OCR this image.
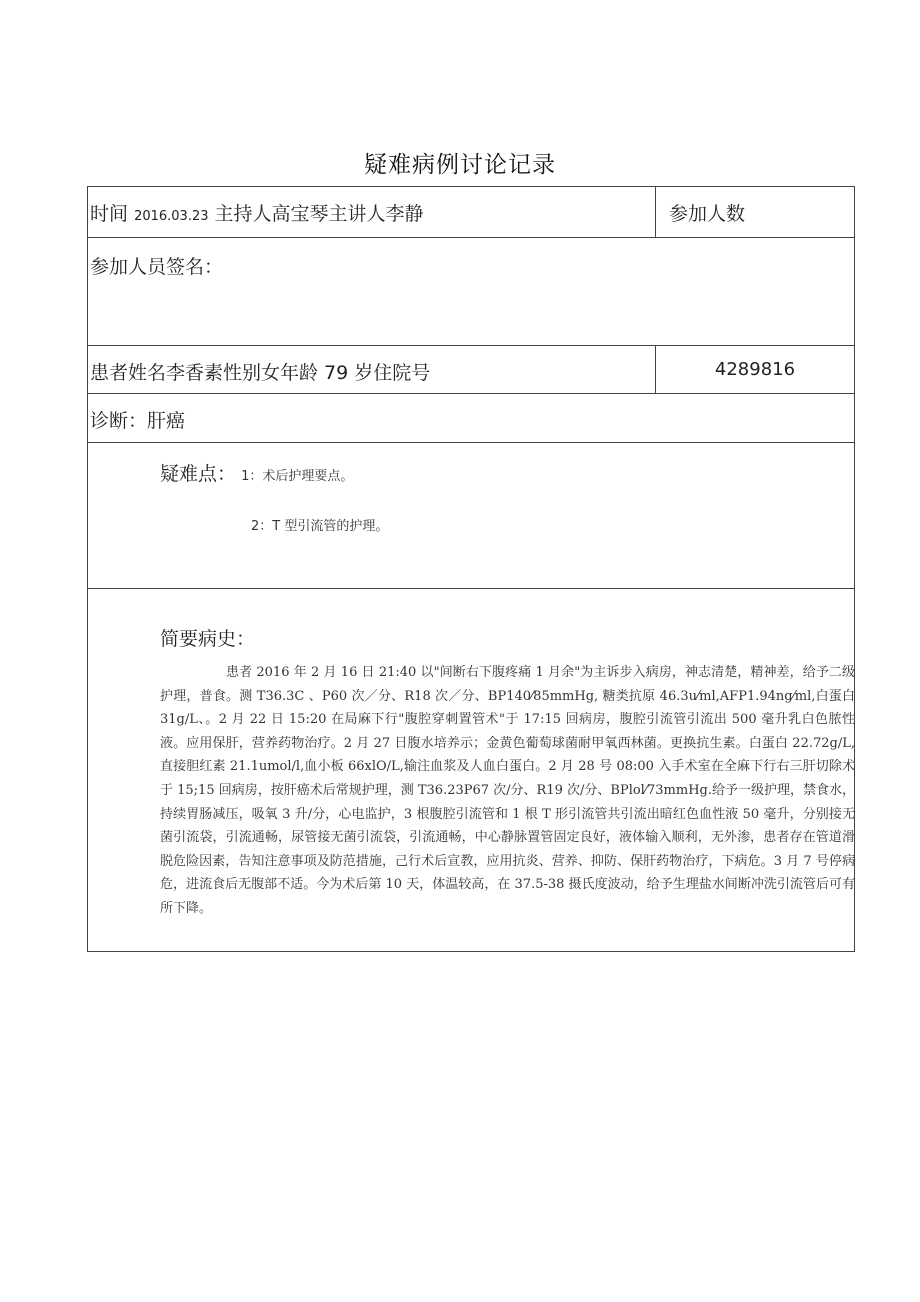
疑难病例讨论记录
时间 2016.03.23 主持人高宝琴主讲人李静	参加人数

参加人员签名：	

患者姓名李香素性别女年龄 79 岁住院号	4289816

诊断：肝癌	

疑难点： 1：术后护理要点。
2：T 型引流管的护理。	

简要病史：
患者 2016 年 2 月 16 日 21:40 以"间断右下腹疼痛 1 月余"为主诉步入病房，神志清楚，精神差，给予二级护理，普食。测 T36.3C 、P60 次／分、R18 次／分、BP140⁄85mmHg, 糖类抗原 46.3u⁄ml,AFP1.94ng⁄ml,白蛋白 31g/L、。2 月 22 日 15:20 在局麻下行"腹腔穿刺置管术"于 17:15 回病房，腹腔引流管引流出 500 毫升乳白色脓性液。应用保肝，营养药物治疗。2 月 27 日腹水培养示；金黄色葡萄球菌耐甲氧西林菌。更换抗生素。白蛋白 22.72g/L,直接胆红素 21.1umol/l,血小板 66xlO/L,输注血浆及人血白蛋白。2 月 28 号 08:00 入手术室在全麻下行右三肝切除术于 15;15 回病房，按肝癌术后常规护理，测 T36.23P67 次/分、R19 次/分、BPlol⁄73mmHg.给予一级护理，禁食水，持续胃肠减压，吸氧 3 升/分，心电监护，3 根腹腔引流管和 1 根 T 形引流管共引流出暗红色血性液 50 毫升，分别接无菌引流袋，引流通畅，尿管接无菌引流袋，引流通畅，中心静脉置管固定良好，液体输入顺利，无外渗，患者存在管道滑脱危险因素，告知注意事项及防范措施，己行术后宣教，应用抗炎、营养、抑防、保肝药物治疗，下病危。3 月 7 号停病危，进流食后无腹部不适。今为术后第 10 天，体温较高，在 37.5-38 摄氏度波动，给予生理盐水间断冲洗引流管后可有所下降。	
